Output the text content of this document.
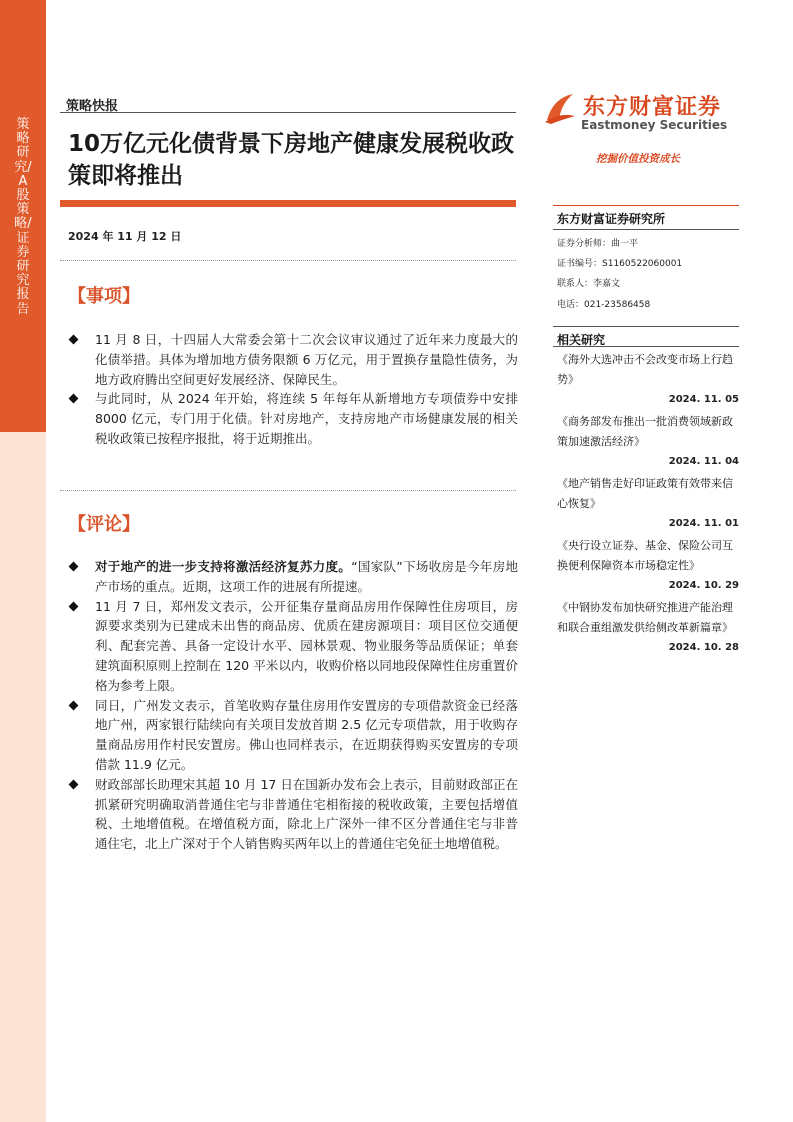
策略研究/A股策略/证券研究报告
策略快报
10万亿元化债背景下房地产健康发展税收政策即将推出
2024 年 11 月 12 日
【事项】
11 月 8 日，十四届人大常委会第十二次会议审议通过了近年来力度最大的化债举措。具体为增加地方债务限额 6 万亿元，用于置换存量隐性债务，为地方政府腾出空间更好发展经济、保障民生。
与此同时，从 2024 年开始，将连续 5 年每年从新增地方专项债券中安排 8000 亿元，专门用于化债。针对房地产，支持房地产市场健康发展的相关税收政策已按程序报批，将于近期推出。
【评论】
对于地产的进一步支持将激活经济复苏力度。“国家队”下场收房是今年房地产市场的重点。近期，这项工作的进展有所提速。
11 月 7 日，郑州发文表示，公开征集存量商品房用作保障性住房项目，房源要求类别为已建成未出售的商品房、优质在建房源项目：项目区位交通便利、配套完善、具备一定设计水平、园林景观、物业服务等品质保证；单套建筑面积原则上控制在 120 平米以内，收购价格以同地段保障性住房重置价格为参考上限。
同日，广州发文表示，首笔收购存量住房用作安置房的专项借款资金已经落地广州，两家银行陆续向有关项目发放首期 2.5 亿元专项借款，用于收购存量商品房用作村民安置房。佛山也同样表示，在近期获得购买安置房的专项借款 11.9 亿元。
财政部部长助理宋其超 10 月 17 日在国新办发布会上表示，目前财政部正在抓紧研究明确取消普通住宅与非普通住宅相衔接的税收政策，主要包括增值税、土地增值税。在增值税方面，除北上广深外一律不区分普通住宅与非普通住宅，北上广深对于个人销售购买两年以上的普通住宅免征土地增值税。
东方财富证券
Eastmoney Securities
挖掘价值投资成长
东方财富证券研究所
证券分析师：曲一平
证书编号：S1160522060001
联系人：李嘉文
电话：021-23586458
相关研究
《海外大选冲击不会改变市场上行趋势》
2024. 11. 05
《商务部发布推出一批消费领域新政策加速激活经济》
2024. 11. 04
《地产销售走好印证政策有效带来信心恢复》
2024. 11. 01
《央行设立证券、基金、保险公司互换便利保障资本市场稳定性》
2024. 10. 29
《中钢协发布加快研究推进产能治理和联合重组激发供给侧改革新篇章》
2024. 10. 28
